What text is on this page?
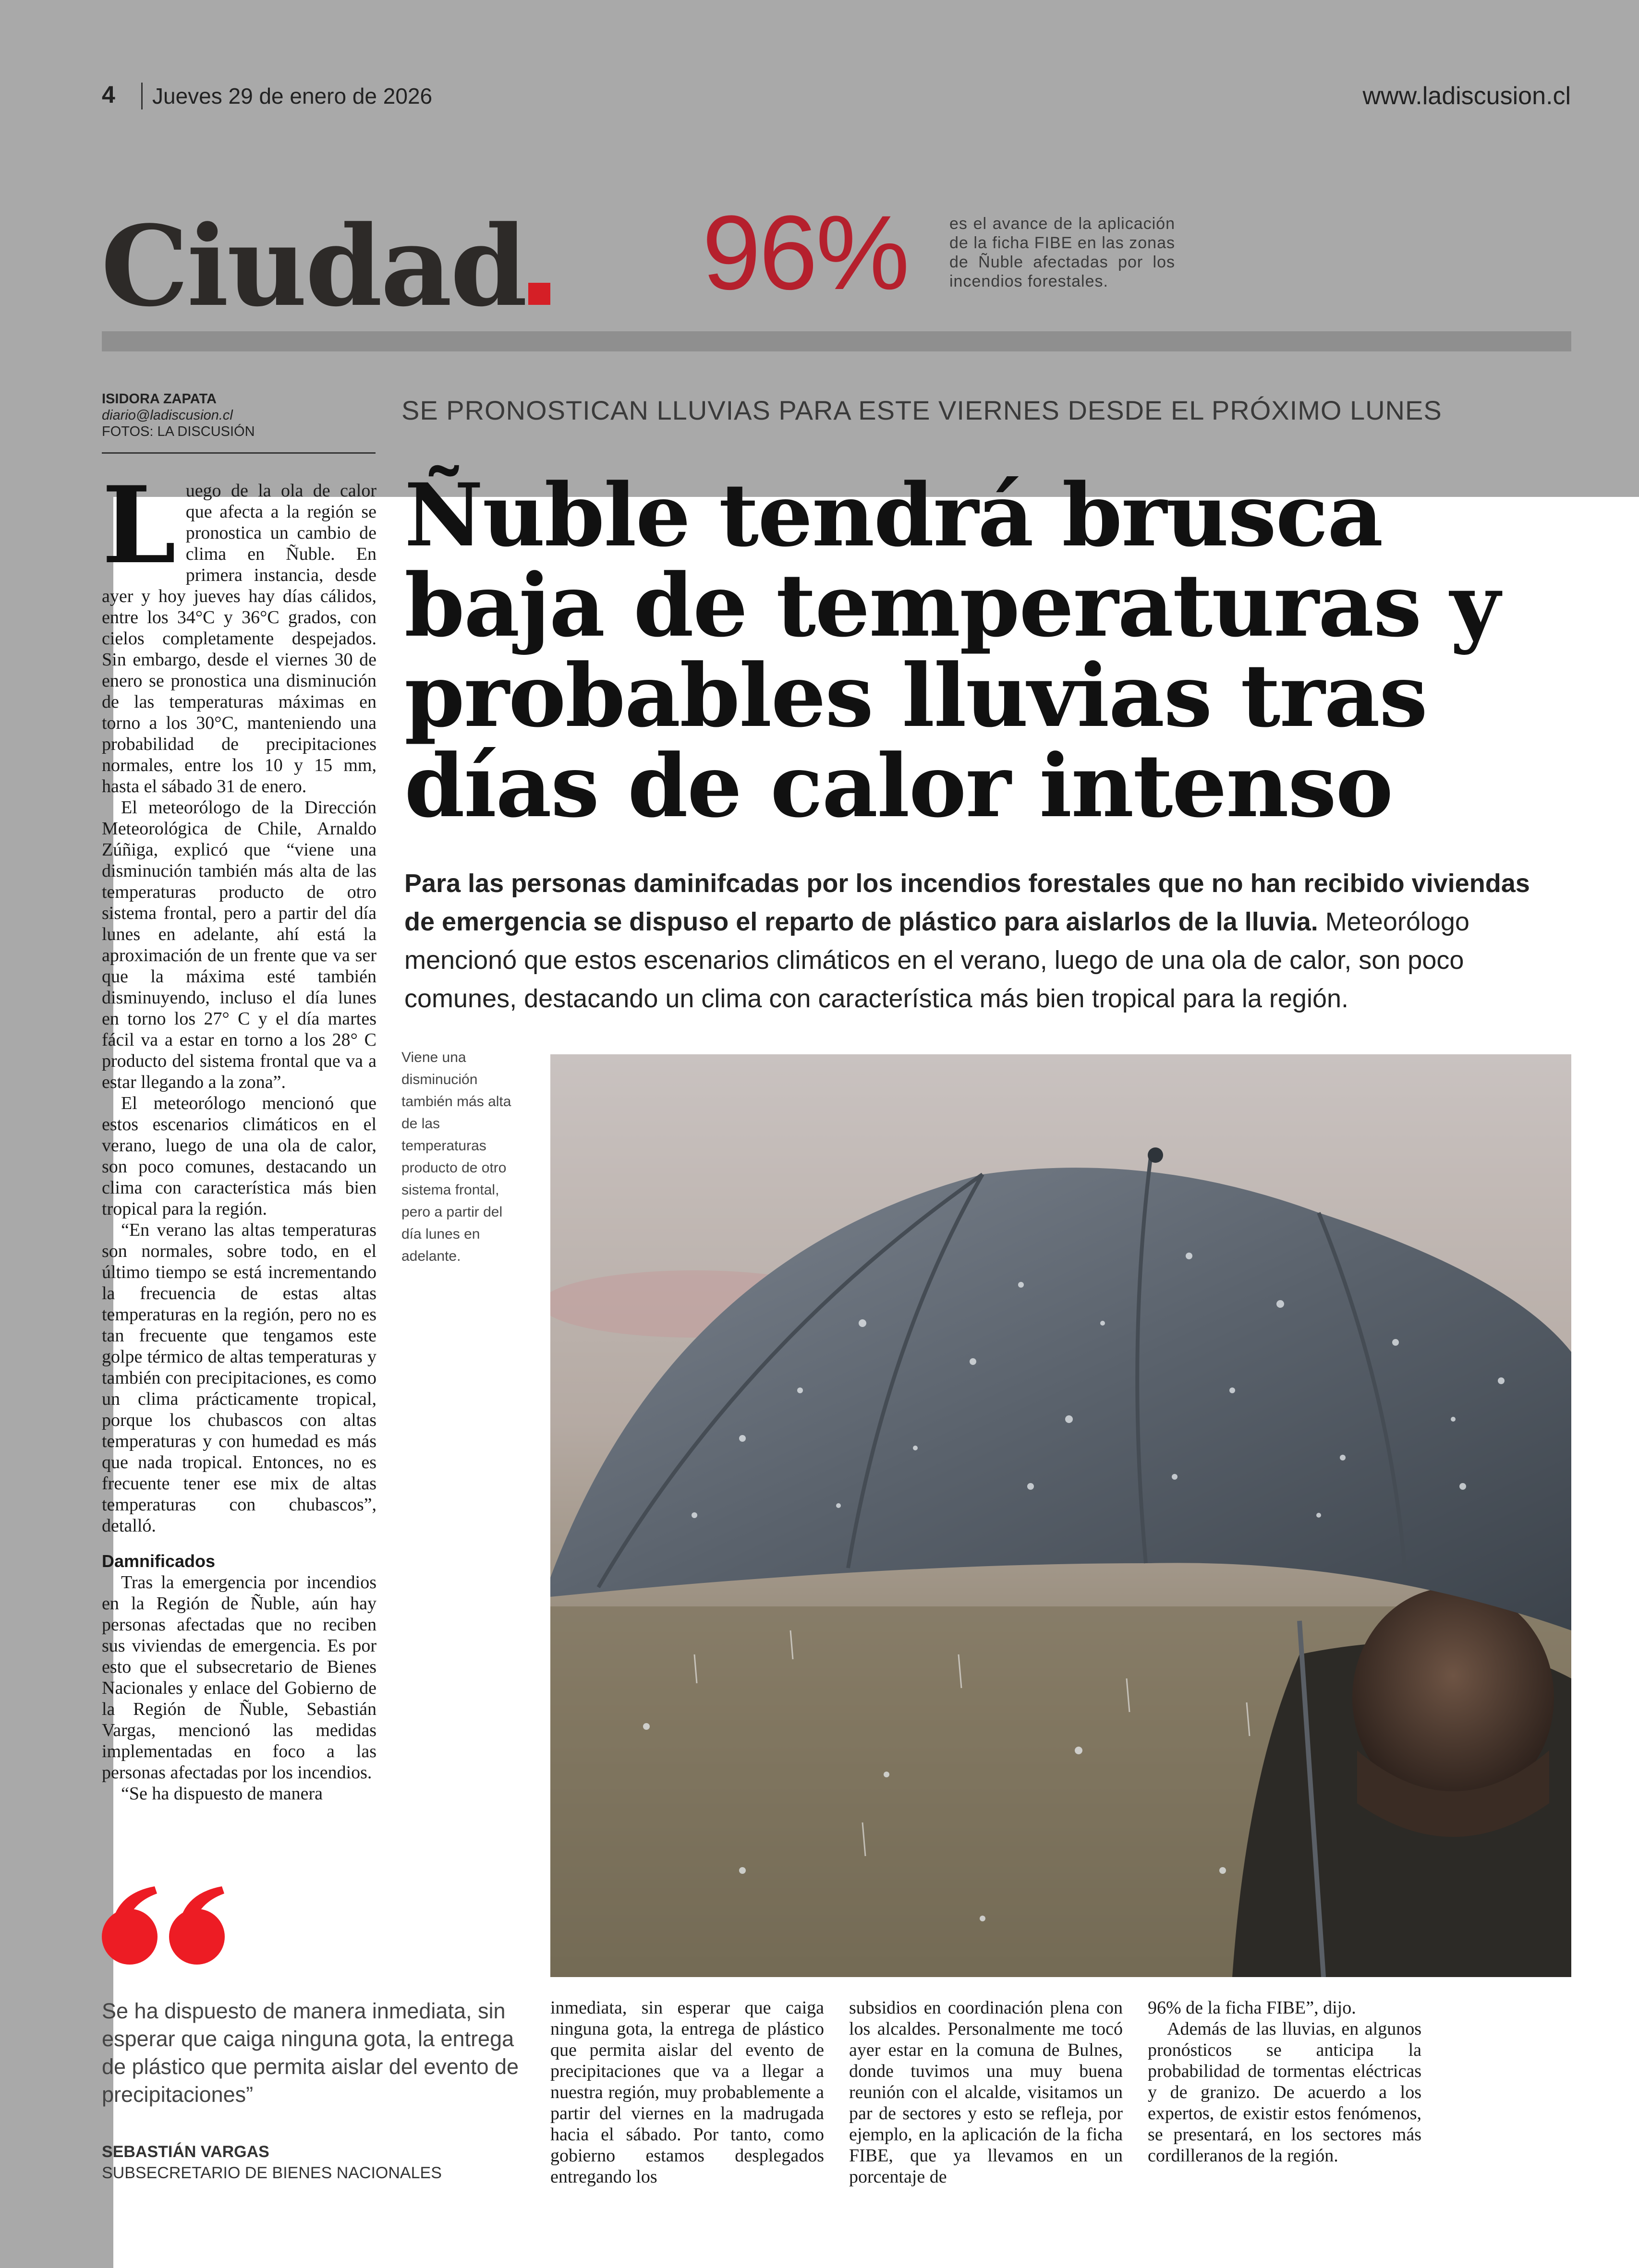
4	Jueves 29 de enero de 2026	www.ladiscusion.cl
Ciudad 96%	es el avance de la aplicación de la ficha FIBE en las zonas de Ñuble afectadas por los incendios forestales.
ISIDORA ZAPATA
diario@ladiscusion.cl
FOTOS: LA DISCUSIÓN
SE PRONOSTICAN LLUVIAS PARA ESTE VIERNES DESDE EL PRÓXIMO LUNES
Ñuble tendrá brusca baja de temperaturas y probables lluvias tras días de calor intenso
Para las personas daminifcadas por los incendios forestales que no han recibido viviendas de emergencia se dispuso el reparto de plástico para aislarlos de la lluvia. Meteorólogo mencionó que estos escenarios climáticos en el verano, luego de una ola de calor, son poco comunes, destacando un clima con característica más bien tropical para la región.
L uego de la ola de calor que afecta a la región se pronostica un cambio de clima en Ñuble. En primera instancia, desde ayer y hoy jueves hay días cálidos, entre los 34°C y 36°C grados, con cielos completamente despejados. Sin embargo, desde el viernes 30 de enero se pronostica una disminución de las temperaturas máximas en torno a los 30°C, manteniendo una probabilidad de precipitaciones normales, entre los 10 y 15 mm, hasta el sábado 31 de enero.

El meteorólogo de la Dirección Meteorológica de Chile, Arnaldo Zúñiga, explicó que “viene una disminución también más alta de las temperaturas producto de otro sistema frontal, pero a partir del día lunes en adelante, ahí está la aproximación de un frente que va ser que la máxima esté también disminuyendo, incluso el día lunes en torno los 27° C y el día martes fácil va a estar en torno a los 28° C producto del sistema frontal que va a estar llegando a la zona”.

El meteorólogo mencionó que estos escenarios climáticos en el verano, luego de una ola de calor, son poco comunes, destacando un clima con característica más bien tropical para la región.

“En verano las altas temperaturas son normales, sobre todo, en el último tiempo se está incrementando la frecuencia de estas altas temperaturas en la región, pero no es tan frecuente que tengamos este golpe térmico de altas temperaturas y también con precipitaciones, es como un clima prácticamente tropical, porque los chubascos con altas temperaturas y con humedad es más que nada tropical. Entonces, no es frecuente tener ese mix de altas temperaturas con chubascos”, detalló.

Damnificados

Tras la emergencia por incendios en la Región de Ñuble, aún hay personas afectadas que no reciben sus viviendas de emergencia. Es por esto que el subsecretario de Bienes Nacionales y enlace del Gobierno de la Región de Ñuble, Sebastián Vargas, mencionó las medidas implementadas en foco a las personas afectadas por los incendios.

“Se ha dispuesto de manera

Viene una disminución también más alta de las temperaturas producto de otro sistema frontal, pero a partir del día lunes en adelante.
Se ha dispuesto de manera inmediata, sin esperar que caiga ninguna gota, la entrega de plástico que permita aislar del evento de precipitaciones”
SEBASTIÁN VARGAS
SUBSECRETARIO DE BIENES NACIONALES

inmediata, sin esperar que caiga ninguna gota, la entrega de plástico que permita aislar del evento de precipitaciones que va a llegar a nuestra región, muy probablemente a partir del viernes en la madrugada hacia el sábado. Por tanto, como gobierno estamos desplegados entregando los

subsidios en coordinación plena con los alcaldes. Personalmente me tocó ayer estar en la comuna de Bulnes, donde tuvimos una muy buena reunión con el alcalde, visitamos un par de sectores y esto se refleja, por ejemplo, en la aplicación de la ficha FIBE, que ya llevamos en un porcentaje de

96% de la ficha FIBE”, dijo.

Además de las lluvias, en algunos pronósticos se anticipa la probabilidad de tormentas eléctricas y de granizo. De acuerdo a los expertos, de existir estos fenómenos, se presentará, en los sectores más cordilleranos de la región.
